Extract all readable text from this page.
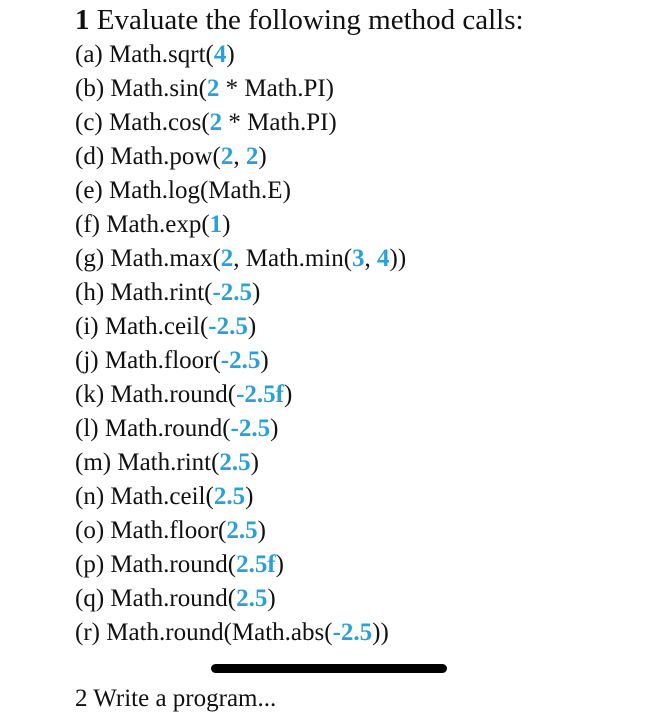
1 Evaluate the following method calls:
(a) Math.sqrt(4)
(b) Math.sin(2 * Math.PI)
(c) Math.cos(2 * Math.PI)
(d) Math.pow(2, 2)
(e) Math.log(Math.E)
(f) Math.exp(1)
(g) Math.max(2, Math.min(3, 4))
(h) Math.rint(-2.5)
(i) Math.ceil(-2.5)
(j) Math.floor(-2.5)
(k) Math.round(-2.5f)
(l) Math.round(-2.5)
(m) Math.rint(2.5)
(n) Math.ceil(2.5)
(o) Math.floor(2.5)
(p) Math.round(2.5f)
(q) Math.round(2.5)
(r) Math.round(Math.abs(-2.5))
2 Write a program...
